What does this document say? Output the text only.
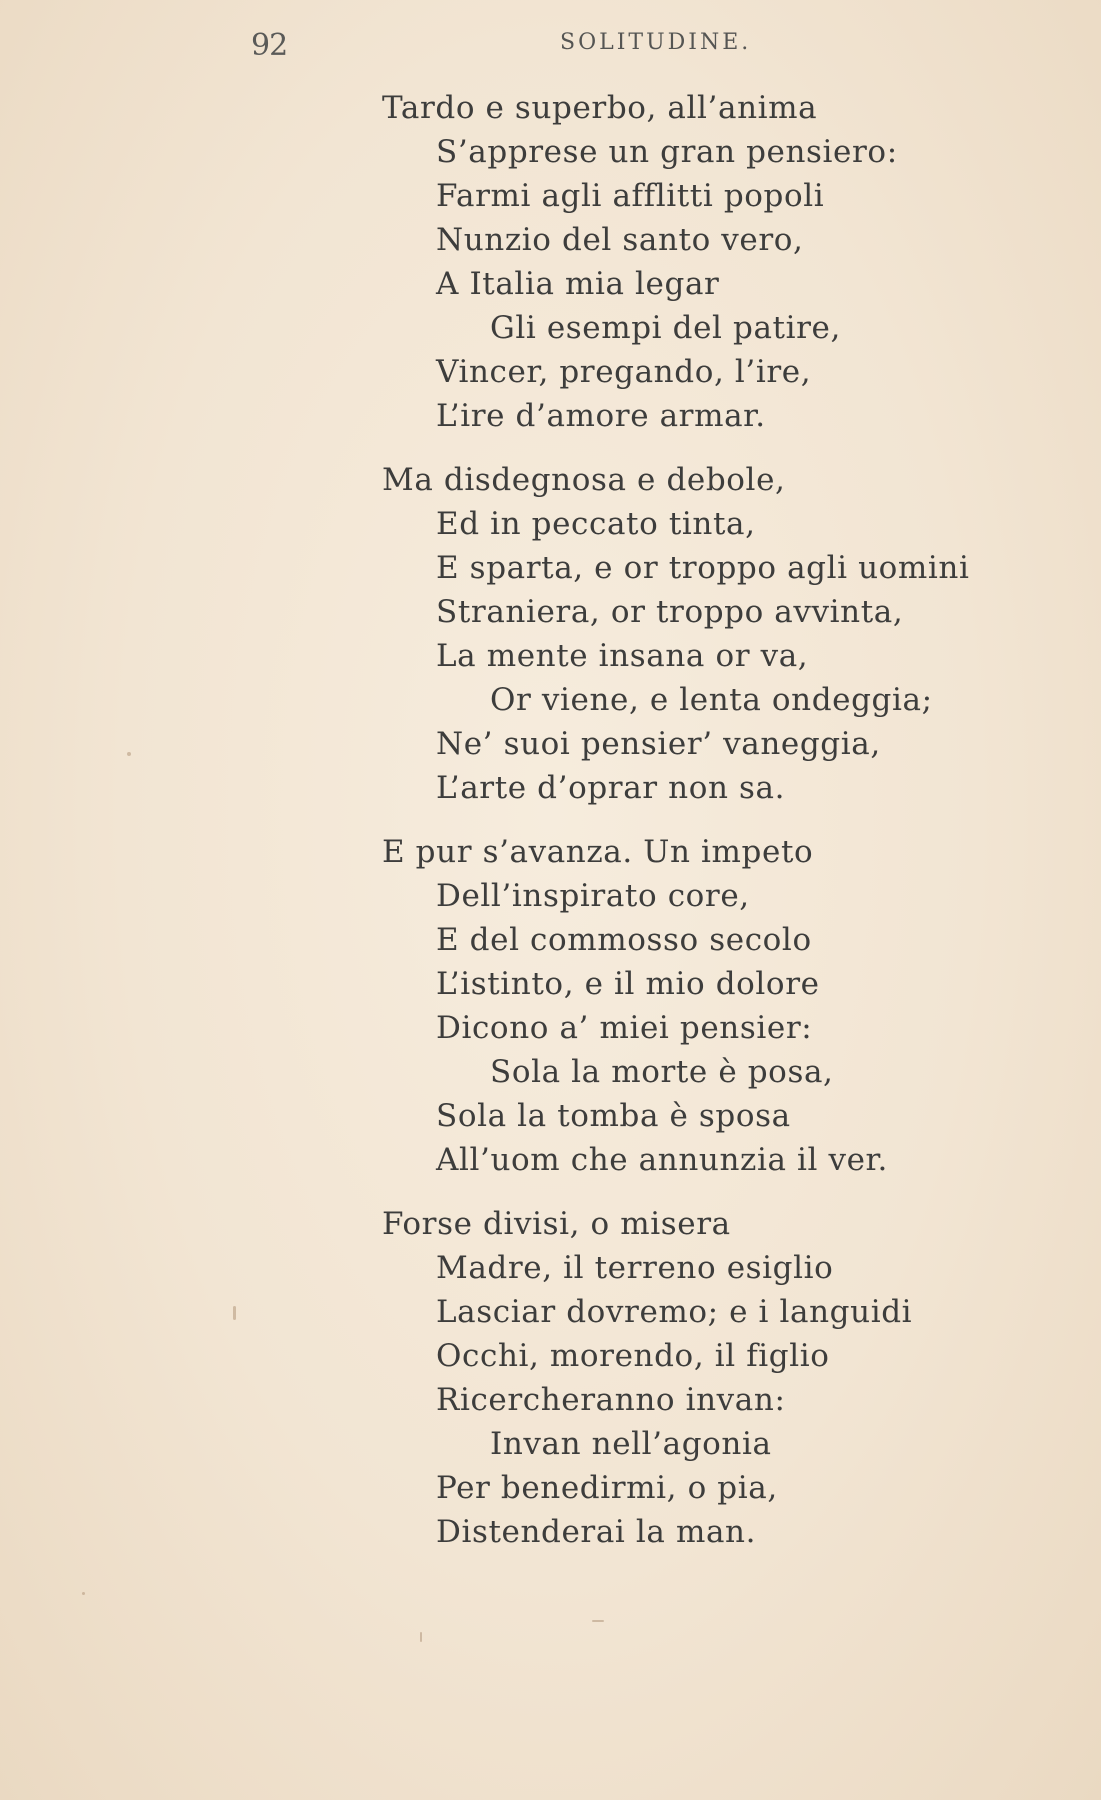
92	SOLITUDINE.
Tardo e superbo, all’anima
S’apprese un gran pensiero:
Farmi agli afflitti popoli
Nunzio del santo vero,
A Italia mia legar
Gli esempi del patire,
Vincer, pregando, l’ire,
L’ire d’amore armar.
Ma disdegnosa e debole,
Ed in peccato tinta,
E sparta, e or troppo agli uomini
Straniera, or troppo avvinta,
La mente insana or va,
Or viene, e lenta ondeggia;
Ne’ suoi pensier’ vaneggia,
L’arte d’oprar non sa.
E pur s’avanza. Un impeto
Dell’inspirato core,
E del commosso secolo
L’istinto, e il mio dolore
Dicono a’ miei pensier:
Sola la morte è posa,
Sola la tomba è sposa
All’uom che annunzia il ver.
Forse divisi, o misera
Madre, il terreno esiglio
Lasciar dovremo; e i languidi
Occhi, morendo, il figlio
Ricercheranno invan:
Invan nell’agonia
Per benedirmi, o pia,
Distenderai la man.
